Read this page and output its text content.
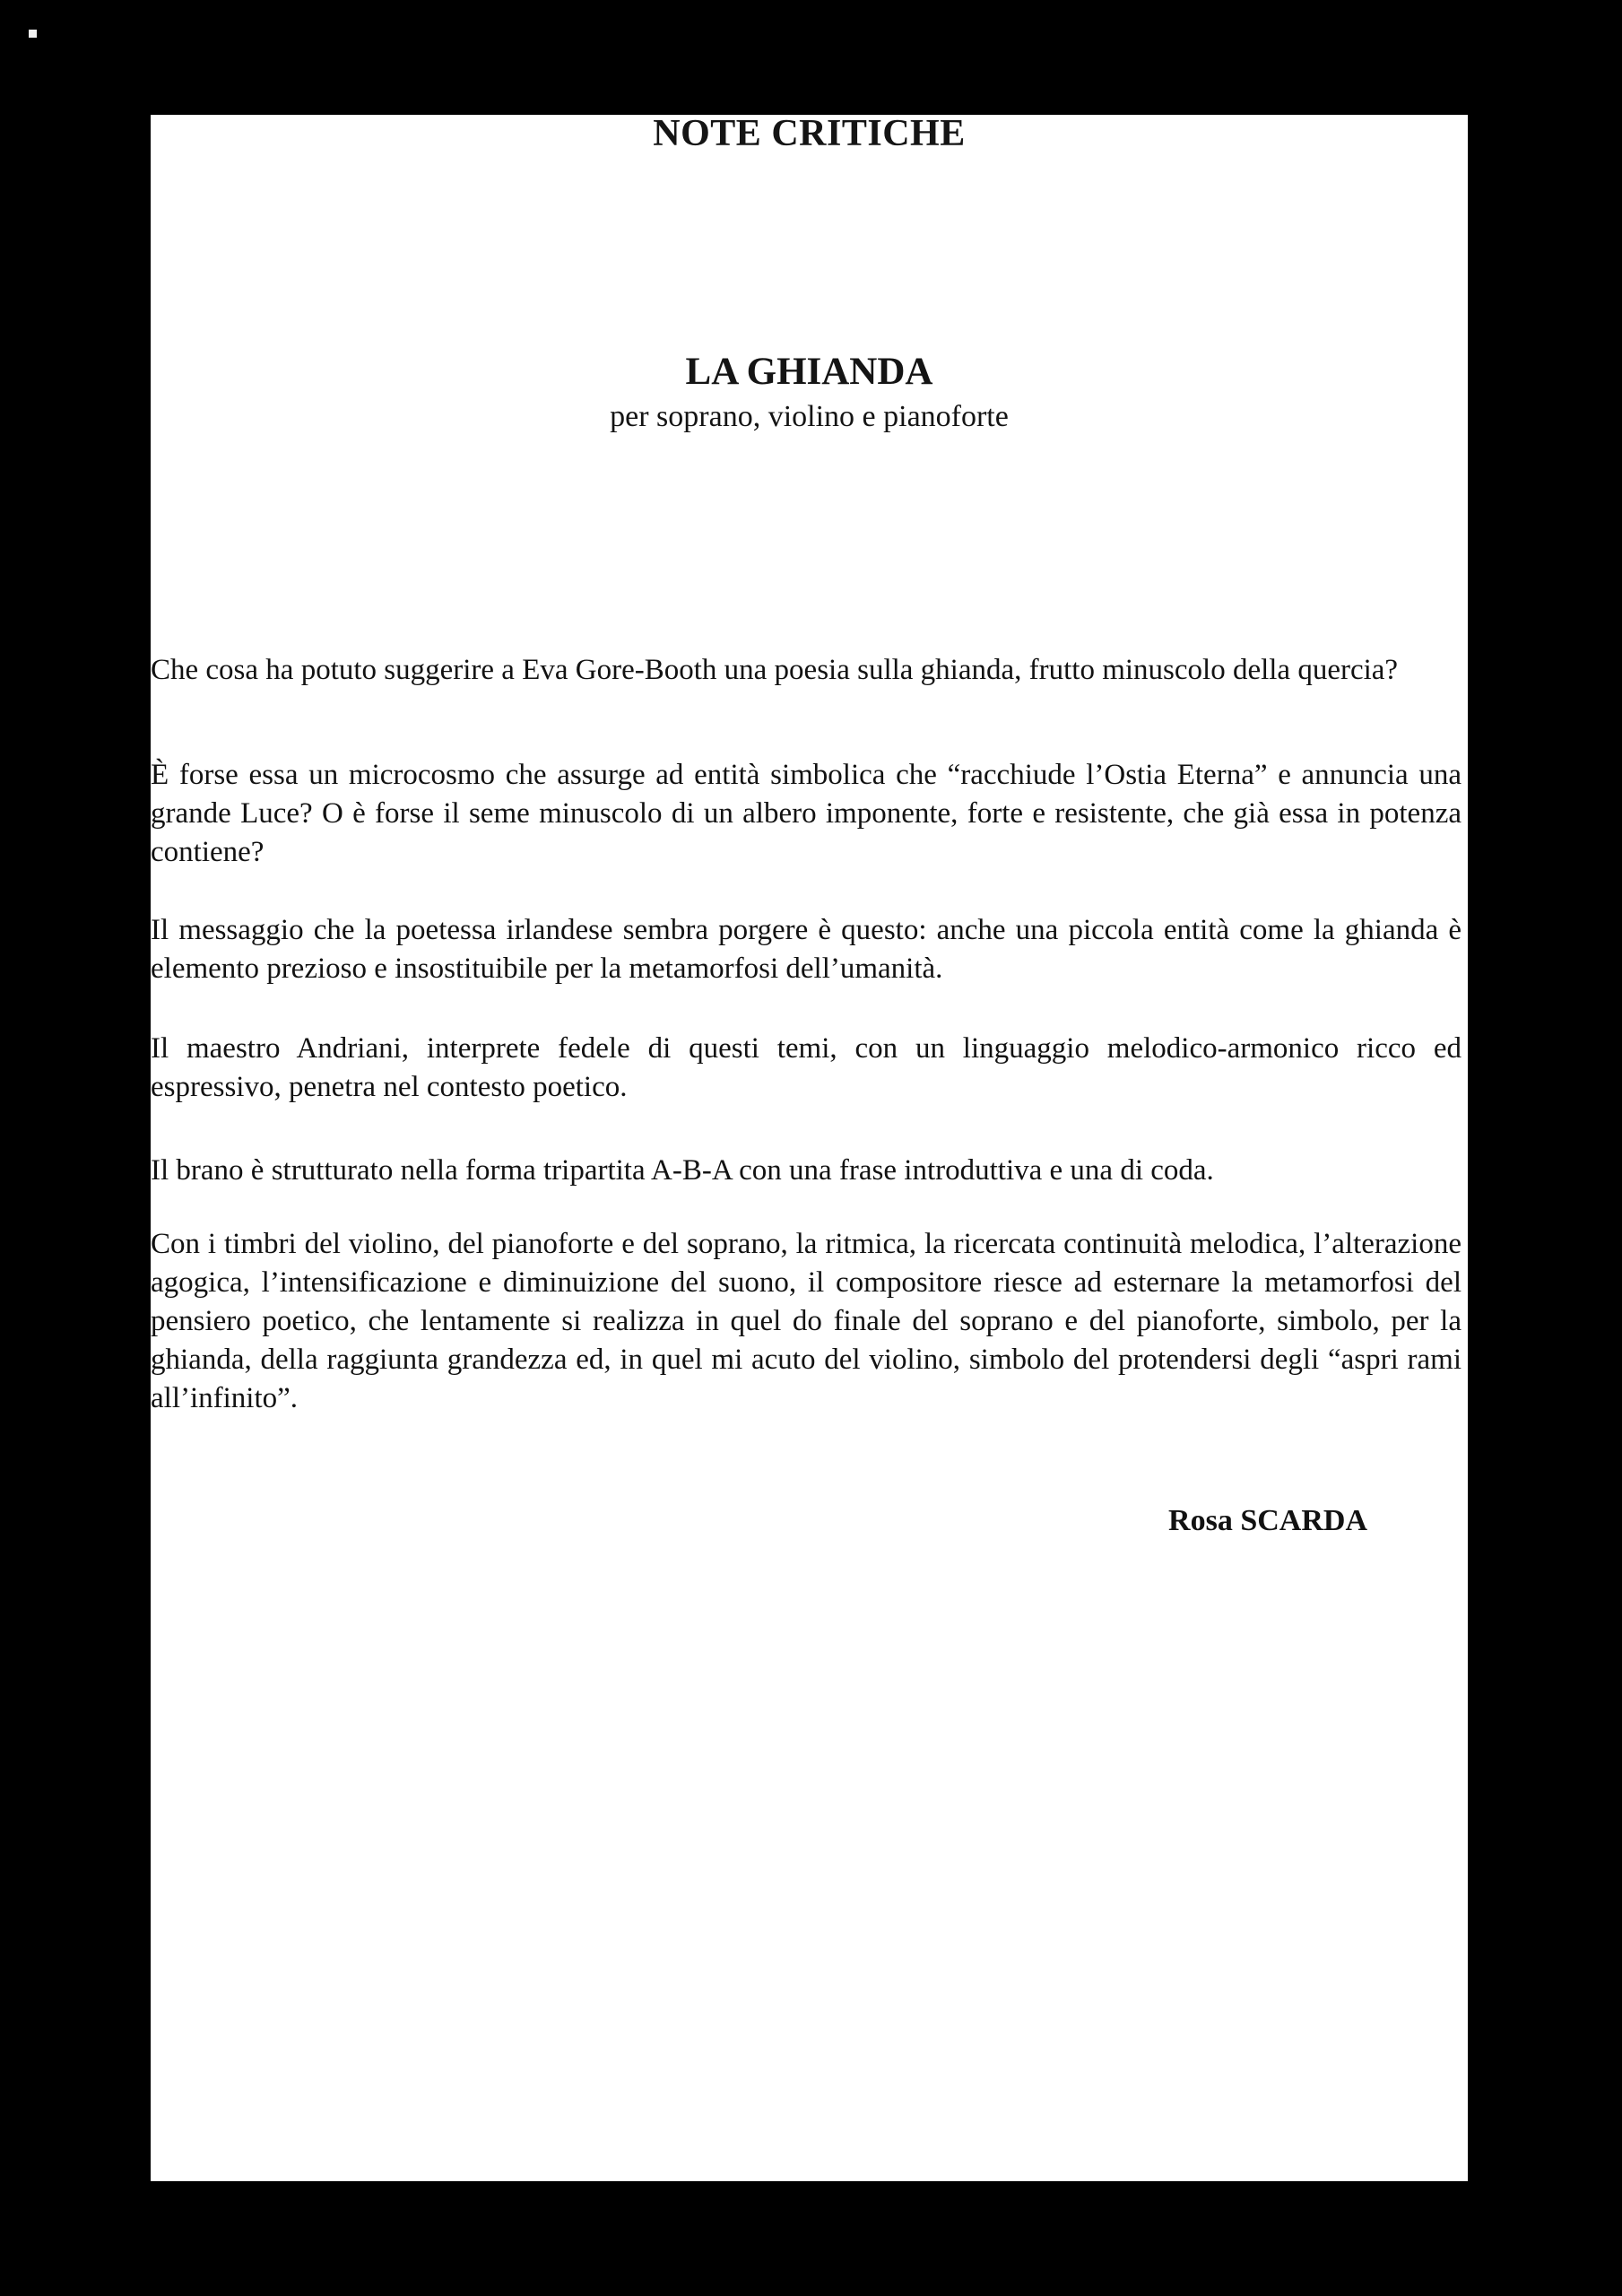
NOTE CRITICHE
LA GHIANDA
per soprano, violino e pianoforte

Che cosa ha potuto suggerire a Eva Gore-Booth una poesia sulla ghianda, frutto minuscolo della quercia?

È forse essa un microcosmo che assurge ad entità simbolica che “racchiude l’Ostia Eterna” e annuncia una grande Luce? O è forse il seme minuscolo di un albero imponente, forte e resistente, che già essa in potenza contiene?

Il messaggio che la poetessa irlandese sembra porgere è questo: anche una piccola entità come la ghianda è elemento prezioso e insostituibile per la metamorfosi dell’umanità.

Il maestro Andriani, interprete fedele di questi temi, con un linguaggio melodico-armonico ricco ed espressivo, penetra nel contesto poetico.

Il brano è strutturato nella forma tripartita A-B-A con una frase introduttiva e una di coda.

Con i timbri del violino, del pianoforte e del soprano, la ritmica, la ricercata continuità melodica, l’alterazione agogica, l’intensificazione e diminuizione del suono, il compositore riesce ad esternare la metamorfosi del pensiero poetico, che lentamente si realizza in quel do finale del soprano e del pianoforte, simbolo, per la ghianda, della raggiunta grandezza ed, in quel mi acuto del violino, simbolo del protendersi degli “aspri rami all’infinito”.

Rosa SCARDA
